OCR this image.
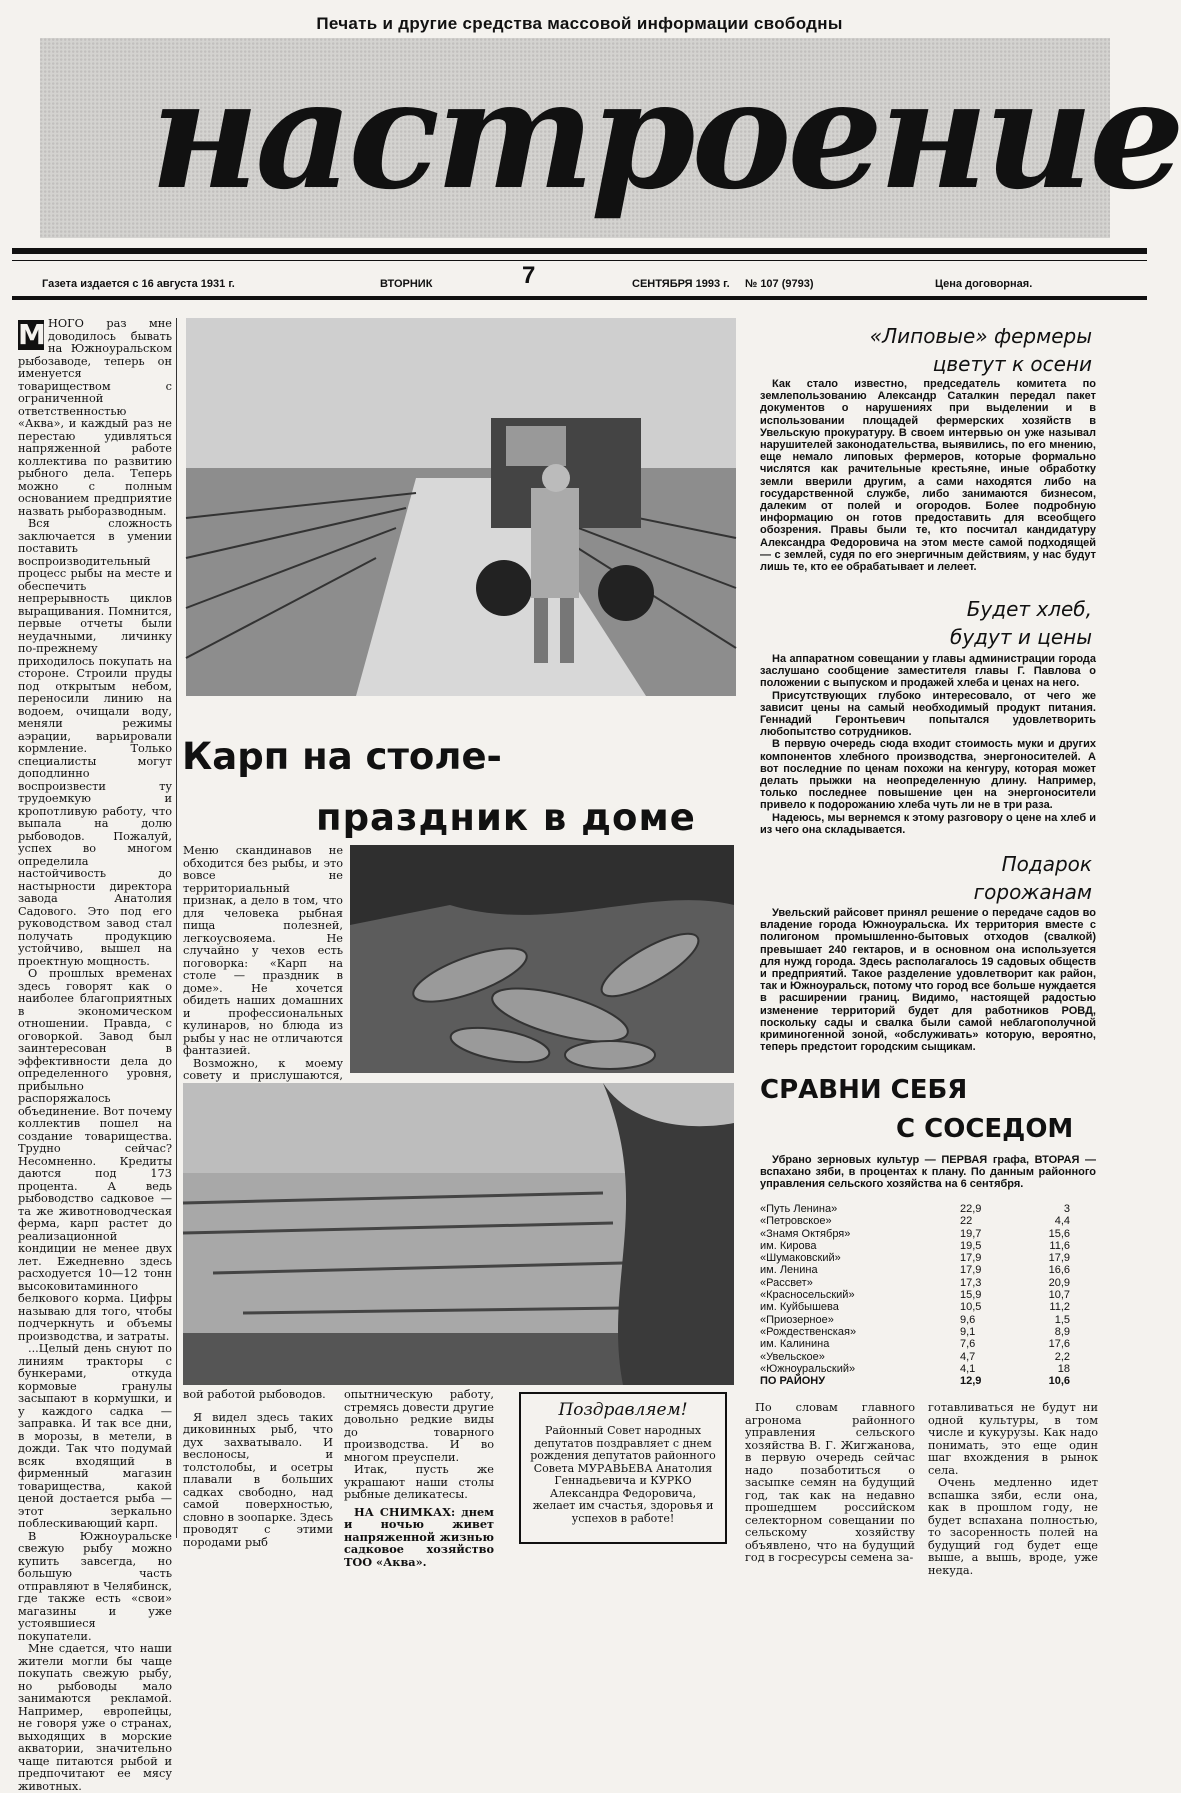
Печать и другие средства массовой информации свободны
настроение
Газета издается с 16 августа 1931 г.	ВТОРНИК	7	СЕНТЯБРЯ 1993 г. № 107 (9793)	Цена договорная.
М НОГО раз мне доводилось бывать на Южноуральском рыбозаводе, теперь он именуется товариществом с ограниченной ответственностью «Аква», и каждый раз не перестаю удивляться напряженной работе коллектива по развитию рыбного дела. Теперь можно с полным основанием предприятие назвать рыборазводным.

Вся сложность заключается в умении поставить воспроизводительный процесс рыбы на месте и обеспечить непрерывность циклов выращивания. Помнится, первые отчеты были неудачными, личинку по-прежнему приходилось покупать на стороне. Строили пруды под открытым небом, переносили линию на водоем, очищали воду, меняли режимы аэрации, варьировали кормление. Только специалисты могут доподлинно воспроизвести ту трудоемкую и кропотливую работу, что выпала на долю рыбоводов. Пожалуй, успех во многом определила настойчивость до настырности директора завода Анатолия Садового. Это под его руководством завод стал получать продукцию устойчиво, вышел на проектную мощность.

О прошлых временах здесь говорят как о наиболее благоприятных в экономическом отношении. Правда, с оговоркой. Завод был заинтересован в эффективности дела до определенного уровня, прибыльно распоряжалось объединение. Вот почему коллектив пошел на создание товарищества. Трудно сейчас? Несомненно. Кредиты даются под 173 процента. А ведь рыбоводство садковое — та же животноводческая ферма, карп растет до реализационной кондиции не менее двух лет. Ежедневно здесь расходуется 10—12 тонн высоковитаминного белкового корма. Цифры называю для того, чтобы подчеркнуть и объемы производства, и затраты.

...Целый день снуют по линиям тракторы с бункерами, откуда кормовые гранулы засыпают в кормушки, и у каждого садка — заправка. И так все дни, в морозы, в метели, в дожди. Так что подумай всяк входящий в фирменный магазин товарищества, какой ценой достается рыба — этот зеркально поблескивающий карп.

В Южноуральске свежую рыбу можно купить завсегда, но большую часть отправляют в Челябинск, где также есть «свои» магазины и уже устоявшиеся покупатели.

Мне сдается, что наши жители могли бы чаще покупать свежую рыбу, но рыбоводы мало занимаются рекламой. Например, европейцы, не говоря уже о странах, выходящих в морские акватории, значительно чаще питаются рыбой и предпочитают ее мясу животных.

Карп на столе-
праздник в доме

Меню скандинавов не обходится без рыбы, и это вовсе не территориальный признак, а дело в том, что для человека рыбная пища полезней, легкоусвояема. Не случайно у чехов есть поговорка: «Карп на столе — праздник в доме». Не хочется обидеть наших домашних и профессиональных кулинаров, но блюда из рыбы у нас не отличаются фантазией.

Возможно, к моему совету и прислушаются,

вой работой рыбоводов.

Я видел здесь таких диковинных рыб, что дух захватывало. И веслоносы, и толстолобы, и осетры плавали в больших садках свободно, над самой поверхностью, словно в зоопарке. Здесь проводят с этими породами рыб

опытническую работу, стремясь довести другие довольно редкие виды до товарного производства. И во многом преуспели.

Итак, пусть же украшают наши столы рыбные деликатесы.

НА СНИМКАХ: днем и ночью живет напряженной жизнью садковое хозяйство ТОО «Аква».

Поздравляем!
Районный Совет народных депутатов поздравляет с днем рождения депутатов районного Совета МУРАВЬЕВА Анатолия Геннадьевича и КУРКО Александра Федоровича, желает им счастья, здоровья и успехов в работе!
«Липовые» фермеры
цветут к осени

Как стало известно, председатель комитета по землепользованию Александр Саталкин передал пакет документов о нарушениях при выделении и в использовании площадей фермерских хозяйств в Увельскую прокуратуру. В своем интервью он уже называл нарушителей законодательства, выявились, по его мнению, еще немало липовых фермеров, которые формально числятся как рачительные крестьяне, иные обработку земли вверили другим, а сами находятся либо на государственной службе, либо занимаются бизнесом, далеким от полей и огородов. Более подробную информацию он готов предоставить для всеобщего обозрения. Правы были те, кто посчитал кандидатуру Александра Федоровича на этом месте самой подходящей — с землей, судя по его энергичным действиям, у нас будут лишь те, кто ее обрабатывает и лелеет.

Будет хлеб,
будут и цены

На аппаратном совещании у главы администрации города заслушано сообщение заместителя главы Г. Павлова о положении с выпуском и продажей хлеба и ценах на него.

Присутствующих глубоко интересовало, от чего же зависит цены на самый необходимый продукт питания. Геннадий Геронтьевич попытался удовлетворить любопытство сотрудников.

В первую очередь сюда входит стоимость муки и других компонентов хлебного производства, энергоносителей. А вот последние по ценам похожи на кенгуру, которая может делать прыжки на неопределенную длину. Например, только последнее повышение цен на энергоносители привело к подорожанию хлеба чуть ли не в три раза.

Надеюсь, мы вернемся к этому разговору о цене на хлеб и из чего она складывается.

Подарок
горожанам

Увельский райсовет принял решение о передаче садов во владение города Южноуральска. Их территория вместе с полигоном промышленно-бытовых отходов (свалкой) превышает 240 гектаров, и в основном она используется для нужд города. Здесь располагалось 19 садовых обществ и предприятий. Такое разделение удовлетворит как район, так и Южноуральск, потому что город все больше нуждается в расширении границ. Видимо, настоящей радостью изменение территорий будет для работников РОВД, поскольку сады и свалка были самой неблагополучной криминогенной зоной, «обслуживать» которую, вероятно, теперь предстоит городским сыщикам.

СРАВНИ СЕБЯ
С СОСЕДОМ

Убрано зерновых культур — ПЕРВАЯ графа, ВТОРАЯ — вспахано зяби, в процентах к плану. По данным районного управления сельского хозяйства на 6 сентября.

«Путь Ленина»	22,9	3
«Петровское»	22	4,4
«Знамя Октября»	19,7	15,6
им. Кирова	19,5	11,6
«Шумаковский»	17,9	17,9
им. Ленина	17,9	16,6
«Рассвет»	17,3	20,9
«Красносельский»	15,9	10,7
им. Куйбышева	10,5	11,2
«Приозерное»	9,6	1,5
«Рождественская»	9,1	8,9
им. Калинина	7,6	17,6
«Увельское»	4,7	2,2
«Южноуральский»	4,1	18
ПО РАЙОНУ	12,9	10,6

По словам главного агронома районного управления сельского хозяйства В. Г. Жигжанова, в первую очередь сейчас надо позаботиться о засыпке семян на будущий год, так как на недавно прошедшем российском селекторном совещании по сельскому хозяйству объявлено, что на будущий год в госресурсы семена за-

готавливаться не будут ни одной культуры, в том числе и кукурузы. Как надо понимать, это еще один шаг вхождения в рынок села.

Очень медленно идет вспашка зяби, если она, как в прошлом году, не будет вспахана полностью, то засоренность полей на будущий год будет еще выше, а вышь, вроде, уже некуда.
